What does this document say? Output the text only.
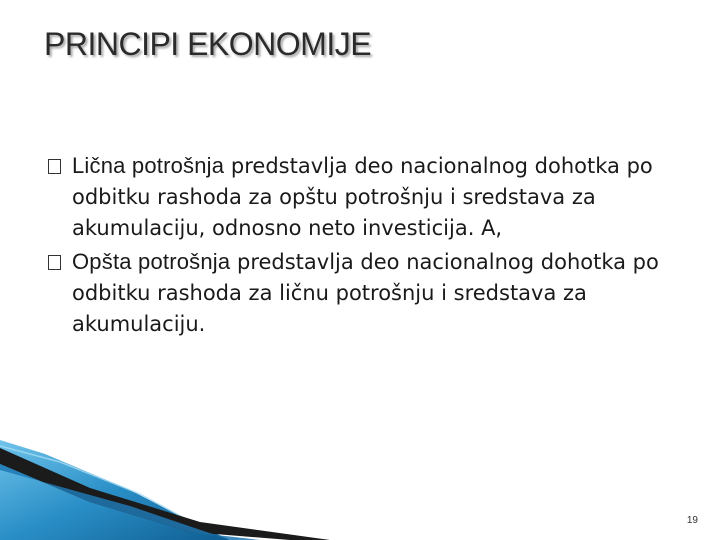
PRINCIPI EKONOMIJE
Lična potrošnja predstavlja deo nacionalnog dohotka po odbitku rashoda za opštu potrošnju i sredstava za akumulaciju, odnosno neto investicija. A,
Opšta potrošnja predstavlja deo nacionalnog dohotka po odbitku rashoda za ličnu potrošnju i sredstava za akumulaciju.
19
